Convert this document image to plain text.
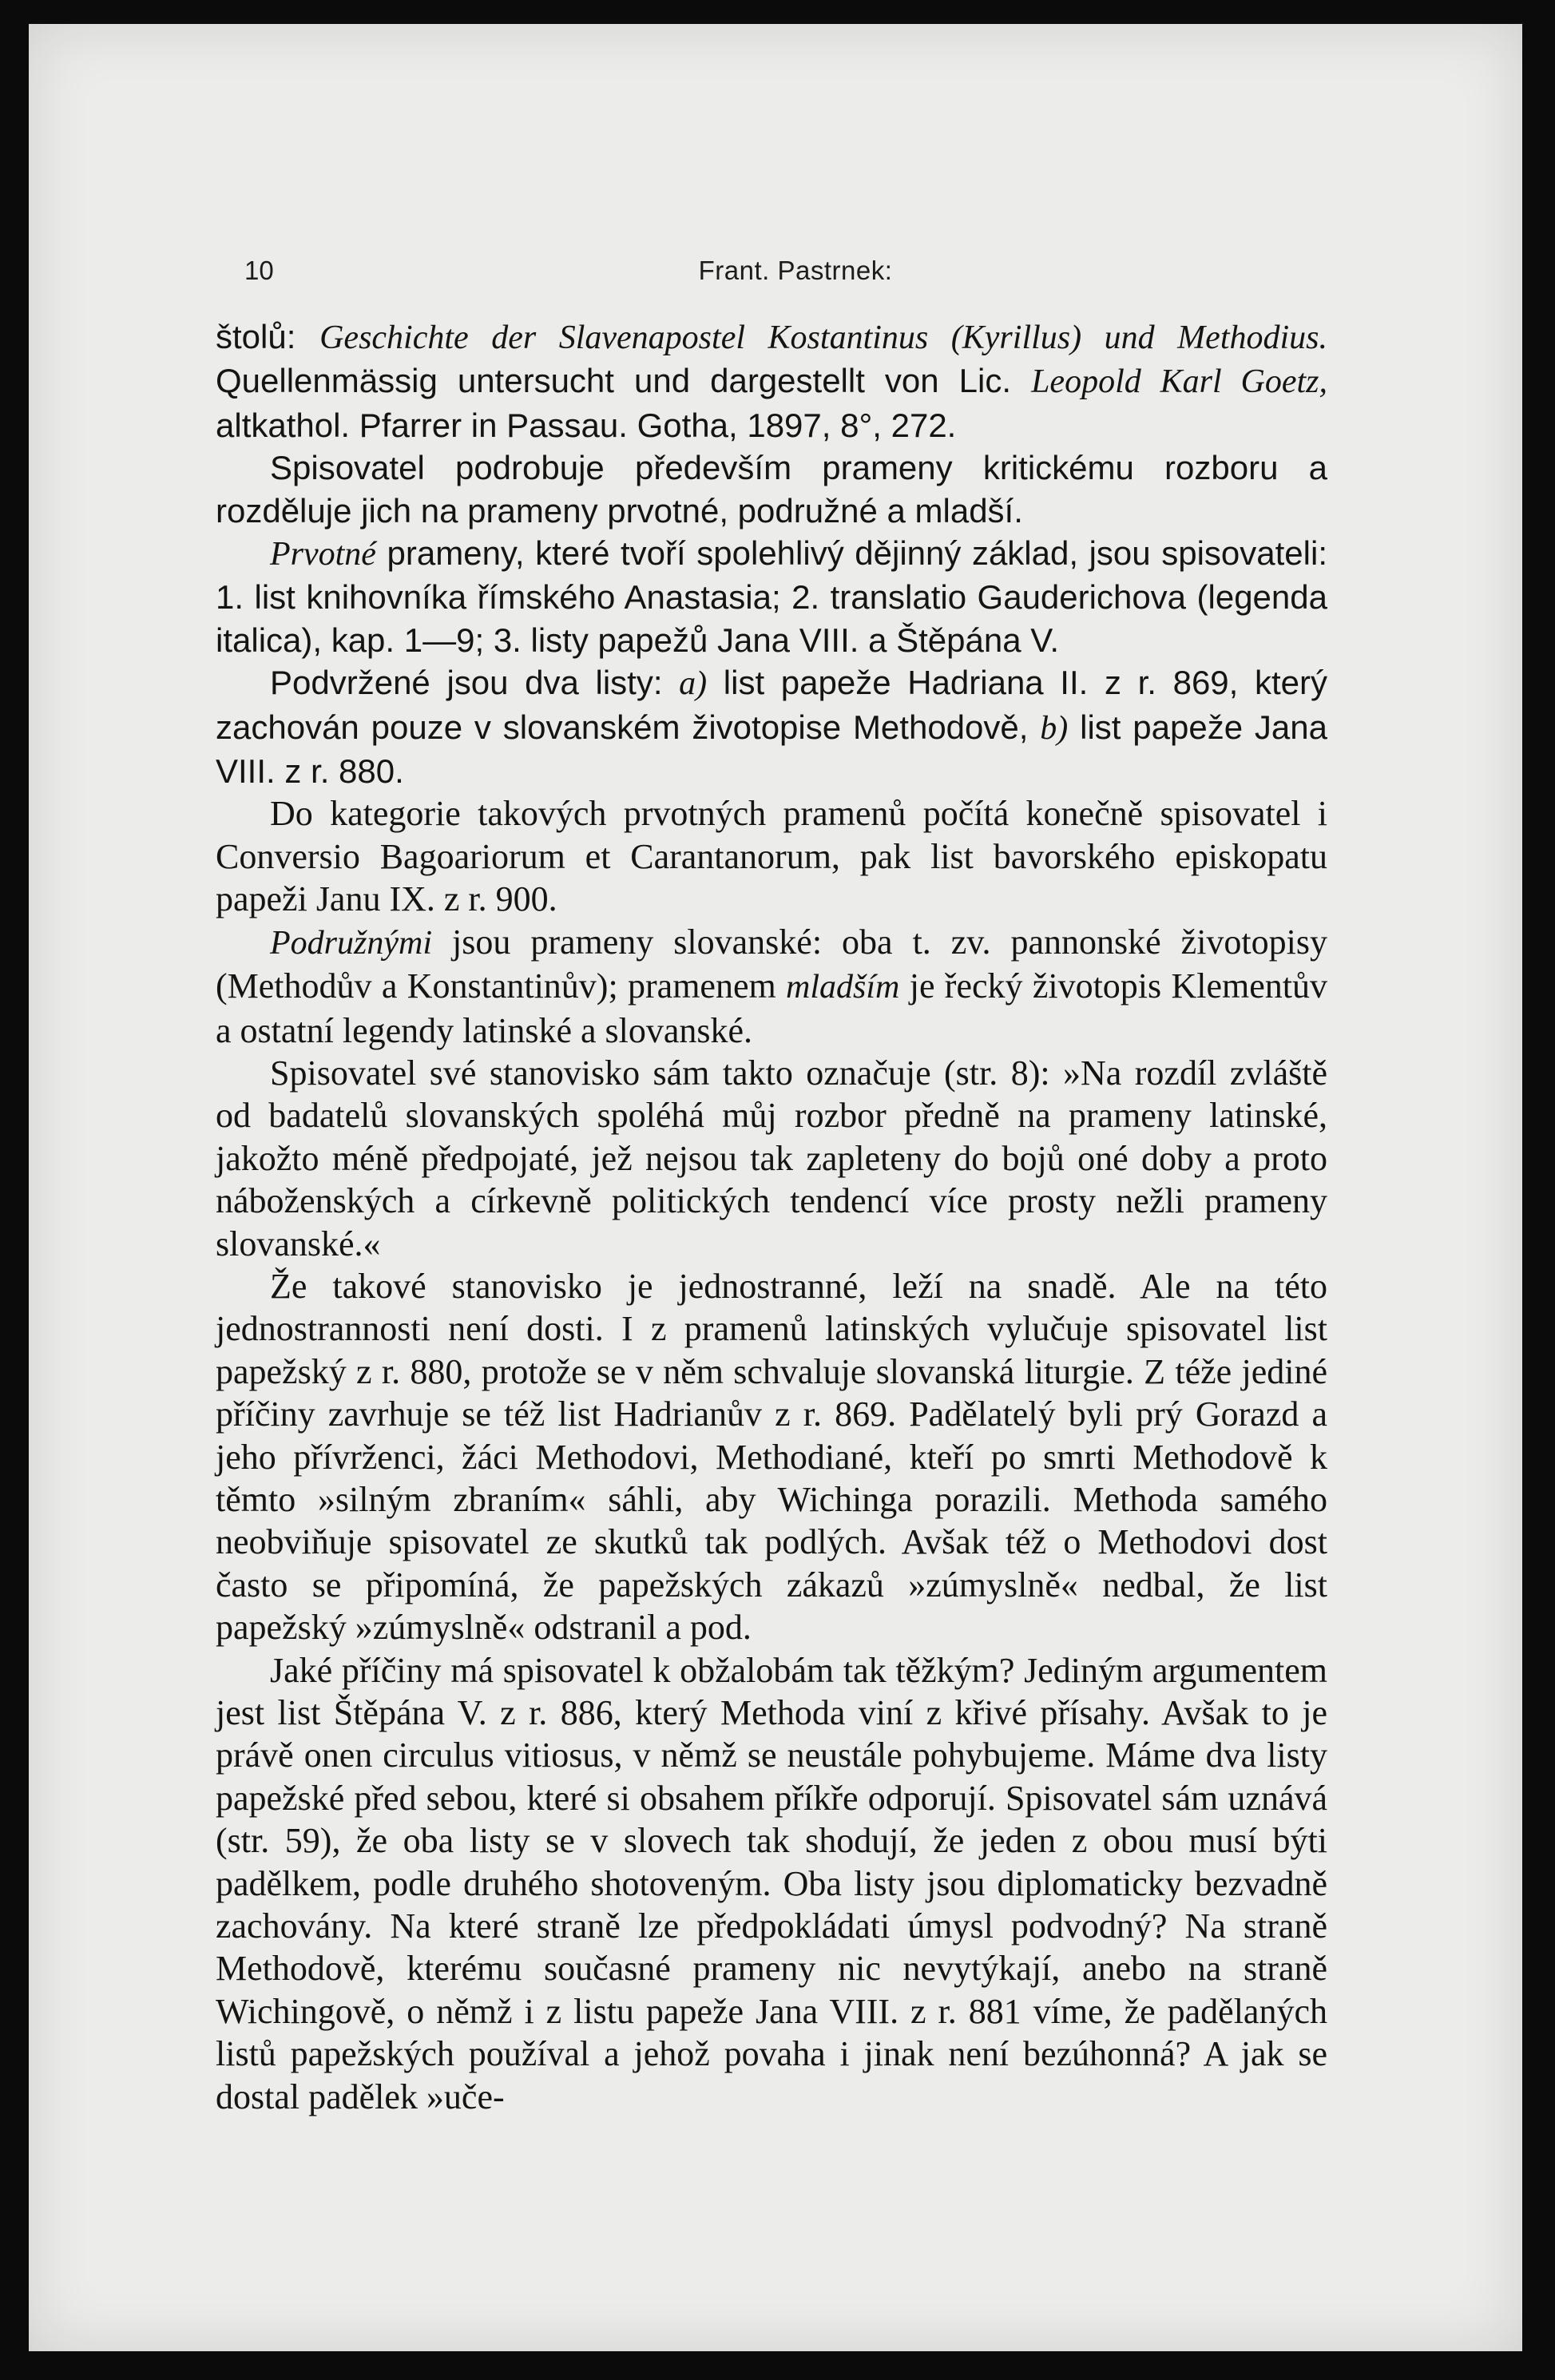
10	Frant. Pastrnek:

štolů: Geschichte der Slavenapostel Kostantinus (Kyrillus) und Methodius. Quellenmässig untersucht und dargestellt von Lic. Leopold Karl Goetz, altkathol. Pfarrer in Passau. Gotha, 1897, 8°, 272.

Spisovatel podrobuje především prameny kritickému rozboru a rozděluje jich na prameny prvotné, podružné a mladší.

Prvotné prameny, které tvoří spolehlivý dějinný základ, jsou spisovateli: 1. list knihovníka římského Anastasia; 2. translatio Gauderichova (legenda italica), kap. 1—9; 3. listy papežů Jana VIII. a Štěpána V.

Podvržené jsou dva listy: a) list papeže Hadriana II. z r. 869, který zachován pouze v slovanském životopise Methodově, b) list papeže Jana VIII. z r. 880.

Do kategorie takových prvotných pramenů počítá konečně spisovatel i Conversio Bagoariorum et Carantanorum, pak list bavorského episkopatu papeži Janu IX. z r. 900.

Podružnými jsou prameny slovanské: oba t. zv. pannonské životopisy (Methodův a Konstantinův); pramenem mladším je řecký životopis Klementův a ostatní legendy latinské a slovanské.

Spisovatel své stanovisko sám takto označuje (str. 8): »Na rozdíl zvláště od badatelů slovanských spoléhá můj rozbor předně na prameny latinské, jakožto méně předpojaté, jež nejsou tak zapleteny do bojů oné doby a proto náboženských a církevně politických tendencí více prosty nežli prameny slovanské.«

Že takové stanovisko je jednostranné, leží na snadě. Ale na této jednostrannosti není dosti. I z pramenů latinských vylučuje spisovatel list papežský z r. 880, protože se v něm schvaluje slovanská liturgie. Z téže jediné příčiny zavrhuje se též list Hadrianův z r. 869. Padělatelý byli prý Gorazd a jeho přívrženci, žáci Methodovi, Methodiané, kteří po smrti Methodově k těmto »silným zbraním« sáhli, aby Wichinga porazili. Methoda samého neobviňuje spisovatel ze skutků tak podlých. Avšak též o Methodovi dost často se připomíná, že papežských zákazů »zúmyslně« nedbal, že list papežský »zúmyslně« odstranil a pod.

Jaké příčiny má spisovatel k obžalobám tak těžkým? Jediným argumentem jest list Štěpána V. z r. 886, který Methoda viní z křivé přísahy. Avšak to je právě onen circulus vitiosus, v němž se neustále pohybujeme. Máme dva listy papežské před sebou, které si obsahem příkře odporují. Spisovatel sám uznává (str. 59), že oba listy se v slovech tak shodují, že jeden z obou musí býti padělkem, podle druhého shotoveným. Oba listy jsou diplomaticky bezvadně zachovány. Na které straně lze předpokládati úmysl podvodný? Na straně Methodově, kterému současné prameny nic nevytýkají, anebo na straně Wichingově, o němž i z listu papeže Jana VIII. z r. 881 víme, že padělaných listů papežských používal a jehož povaha i jinak není bezúhonná? A jak se dostal padělek »uče-
